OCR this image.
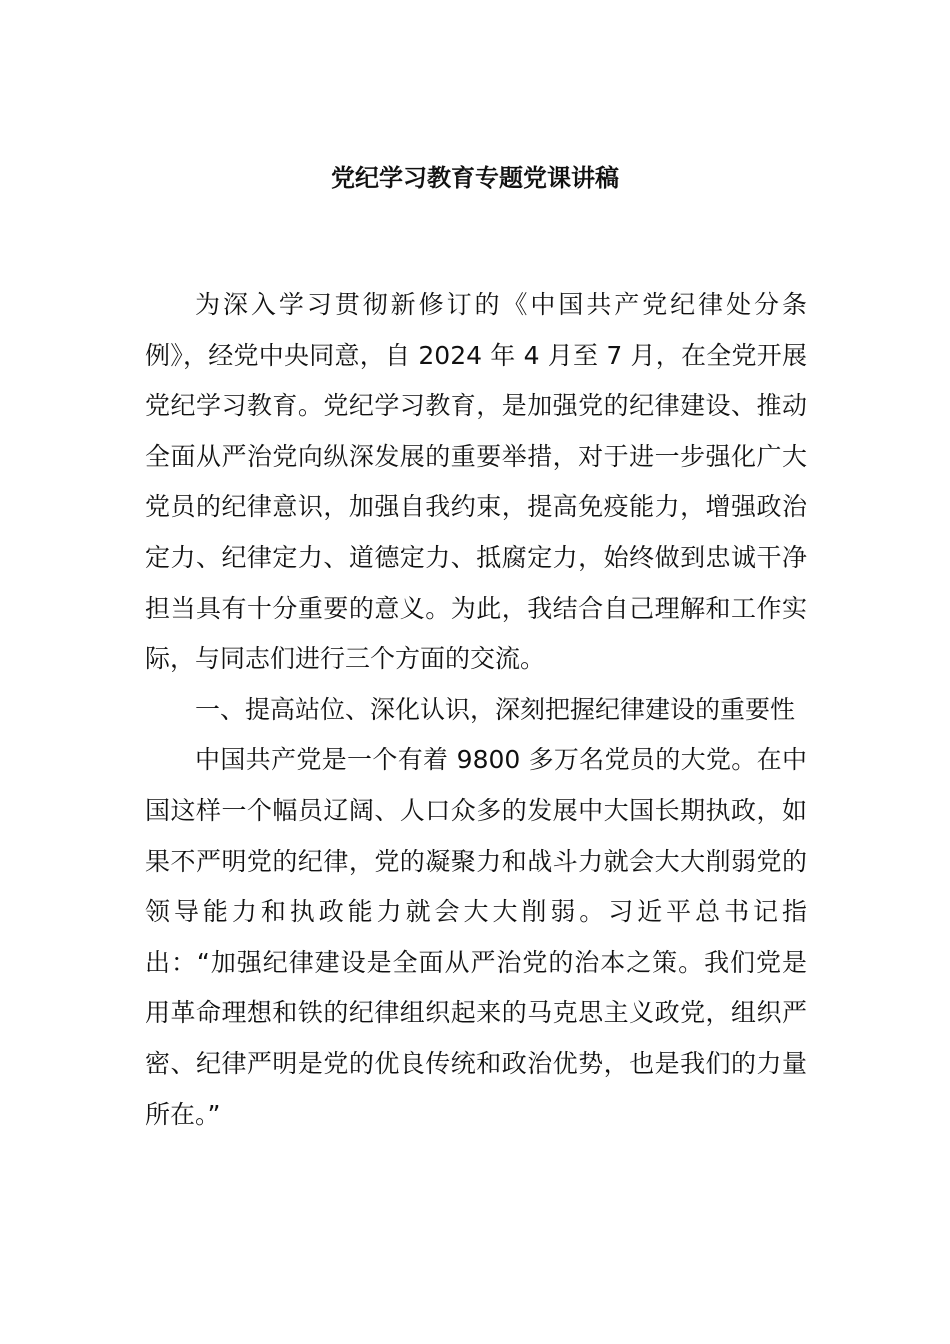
党纪学习教育专题党课讲稿

为深入学习贯彻新修订的《中国共产党纪律处分条例》，经党中央同意，自 2024 年 4 月至 7 月，在全党开展党纪学习教育。党纪学习教育，是加强党的纪律建设、推动全面从严治党向纵深发展的重要举措，对于进一步强化广大党员的纪律意识，加强自我约束，提高免疫能力，增强政治定力、纪律定力、道德定力、抵腐定力，始终做到忠诚干净担当具有十分重要的意义。为此，我结合自己理解和工作实际，与同志们进行三个方面的交流。

一、提高站位、深化认识，深刻把握纪律建设的重要性

中国共产党是一个有着 9800 多万名党员的大党。在中国这样一个幅员辽阔、人口众多的发展中大国长期执政，如果不严明党的纪律，党的凝聚力和战斗力就会大大削弱党的领导能力和执政能力就会大大削弱。习近平总书记指出：“加强纪律建设是全面从严治党的治本之策。我们党是用革命理想和铁的纪律组织起来的马克思主义政党，组织严密、纪律严明是党的优良传统和政治优势，也是我们的力量所在。”
